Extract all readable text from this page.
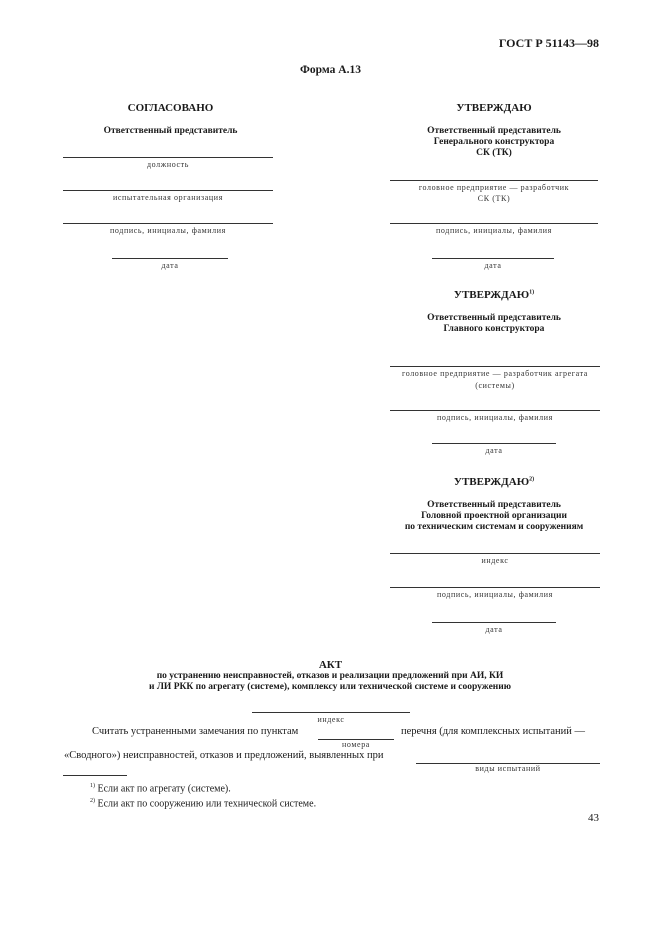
ГОСТ Р 51143—98
Форма А.13
СОГЛАСОВАНО
Ответственный представитель
должность
испытательная организация
подпись, инициалы, фамилия
дата
УТВЕРЖДАЮ
Ответственный представитель
Генерального конструктора
СК (ТК)
головное предприятие — разработчик
СК (ТК)
подпись, инициалы, фамилия
дата
УТВЕРЖДАЮ$^{1)}$
Ответственный представитель
Главного конструктора
головное предприятие — разработчик агрегата
(системы)
подпись, инициалы, фамилия
дата
УТВЕРЖДАЮ$^{2)}$
Ответственный представитель
Головной проектной организации
по техническим системам и сооружениям
индекс
подпись, инициалы, фамилия
дата
АКТ
по устранению неисправностей, отказов и реализации предложений при АИ, КИ
и ЛИ РКК по агрегату (системе), комплексу или технической системе и сооружению
индекс
Считать устраненными замечания по пунктам
номера
перечня (для комплексных испытаний —
«Сводного») неисправностей, отказов и предложений, выявленных при
виды испытаний
$^{1)}$ Если акт по агрегату (системе).
$^{2)}$ Если акт по сооружению или технической системе.
43
